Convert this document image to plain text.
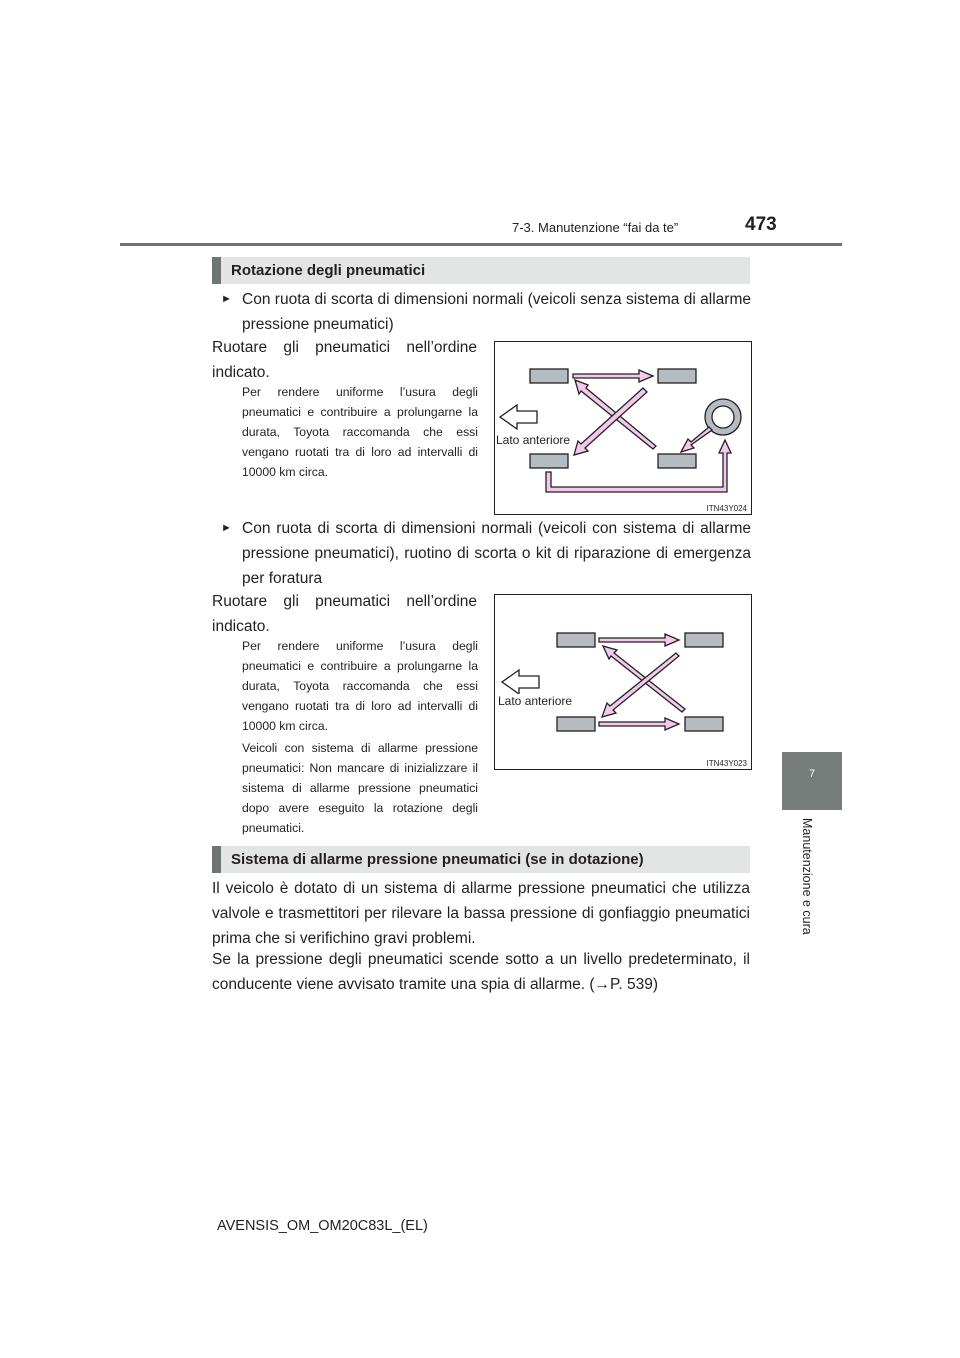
7-3. Manutenzione “fai da te”	473
7
Manutenzione e cura
Rotazione degli pneumatici
► Con ruota di scorta di dimensioni normali (veicoli senza sistema di allarme pressione pneumatici)
Ruotare gli pneumatici nell’ordine indicato.
Per rendere uniforme l’usura degli pneumatici e contribuire a prolungarne la durata, Toyota raccomanda che essi vengano ruotati tra di loro ad intervalli di 10000 km circa.
Lato anteriore
ITN43Y024
► Con ruota di scorta di dimensioni normali (veicoli con sistema di allarme pressione pneumatici), ruotino di scorta o kit di riparazione di emergenza per foratura
Ruotare gli pneumatici nell’ordine indicato.
Per rendere uniforme l’usura degli pneumatici e contribuire a prolungarne la durata, Toyota raccomanda che essi vengano ruotati tra di loro ad intervalli di 10000 km circa.
Veicoli con sistema di allarme pressione pneumatici: Non mancare di inizializzare il sistema di allarme pressione pneumatici dopo avere eseguito la rotazione degli pneumatici.
Lato anteriore
ITN43Y023
Sistema di allarme pressione pneumatici (se in dotazione)
Il veicolo è dotato di un sistema di allarme pressione pneumatici che utilizza valvole e trasmettitori per rilevare la bassa pressione di gonfiaggio pneumatici prima che si verifichino gravi problemi.
Se la pressione degli pneumatici scende sotto a un livello predeterminato, il conducente viene avvisato tramite una spia di allarme. (→P. 539)
AVENSIS_OM_OM20C83L_(EL)
